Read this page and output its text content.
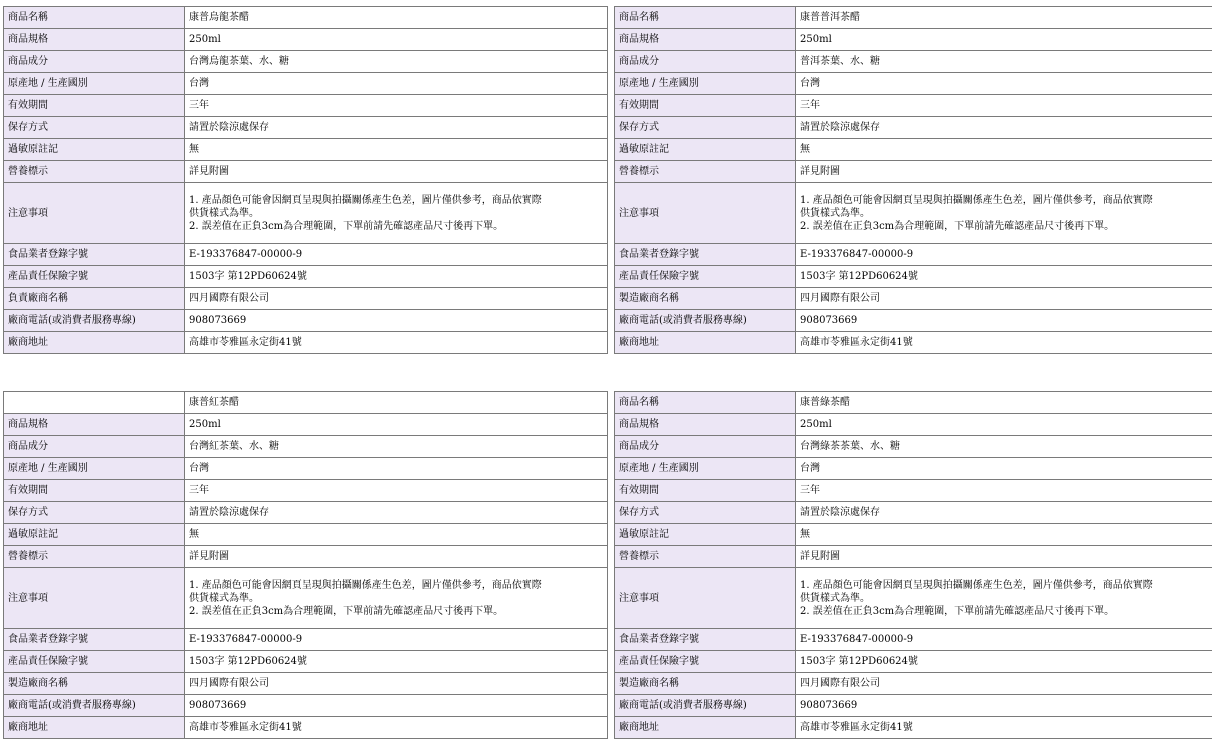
商品名稱	康普烏龍茶醋
商品規格	250ml
商品成分	台灣烏龍茶葉、水、糖
原產地 / 生產國別	台灣
有效期間	三年
保存方式	請置於陰涼處保存
過敏原註記	無
營養標示	詳見附圖
注意事項	1. 產品顏色可能會因網頁呈現與拍攝關係產生色差，圖片僅供參考，商品依實際
供貨樣式為準。
2. 誤差值在正負3cm為合理範圍，下單前請先確認產品尺寸後再下單。

食品業者登錄字號	E-193376847-00000-9
產品責任保險字號	1503字 第12PD60624號
負責廠商名稱	四月國際有限公司
廠商電話(或消費者服務專線)	908073669
廠商地址	高雄市苓雅區永定街41號
商品名稱	康普普洱茶醋
商品規格	250ml
商品成分	普洱茶葉、水、糖
原產地 / 生產國別	台灣
有效期間	三年
保存方式	請置於陰涼處保存
過敏原註記	無
營養標示	詳見附圖
注意事項	1. 產品顏色可能會因網頁呈現與拍攝關係產生色差，圖片僅供參考，商品依實際
供貨樣式為準。
2. 誤差值在正負3cm為合理範圍，下單前請先確認產品尺寸後再下單。

食品業者登錄字號	E-193376847-00000-9
產品責任保險字號	1503字 第12PD60624號
製造廠商名稱	四月國際有限公司
廠商電話(或消費者服務專線)	908073669
廠商地址	高雄市苓雅區永定街41號
	康普紅茶醋
商品規格	250ml
商品成分	台灣紅茶葉、水、糖
原產地 / 生產國別	台灣
有效期間	三年
保存方式	請置於陰涼處保存
過敏原註記	無
營養標示	詳見附圖
注意事項	1. 產品顏色可能會因網頁呈現與拍攝關係產生色差，圖片僅供參考，商品依實際
供貨樣式為準。
2. 誤差值在正負3cm為合理範圍，下單前請先確認產品尺寸後再下單。

食品業者登錄字號	E-193376847-00000-9
產品責任保險字號	1503字 第12PD60624號
製造廠商名稱	四月國際有限公司
廠商電話(或消費者服務專線)	908073669
廠商地址	高雄市苓雅區永定街41號
商品名稱	康普綠茶醋
商品規格	250ml
商品成分	台灣綠茶茶葉、水、糖
原產地 / 生產國別	台灣
有效期間	三年
保存方式	請置於陰涼處保存
過敏原註記	無
營養標示	詳見附圖
注意事項	1. 產品顏色可能會因網頁呈現與拍攝關係產生色差，圖片僅供參考，商品依實際
供貨樣式為準。
2. 誤差值在正負3cm為合理範圍，下單前請先確認產品尺寸後再下單。

食品業者登錄字號	E-193376847-00000-9
產品責任保險字號	1503字 第12PD60624號
製造廠商名稱	四月國際有限公司
廠商電話(或消費者服務專線)	908073669
廠商地址	高雄市苓雅區永定街41號
